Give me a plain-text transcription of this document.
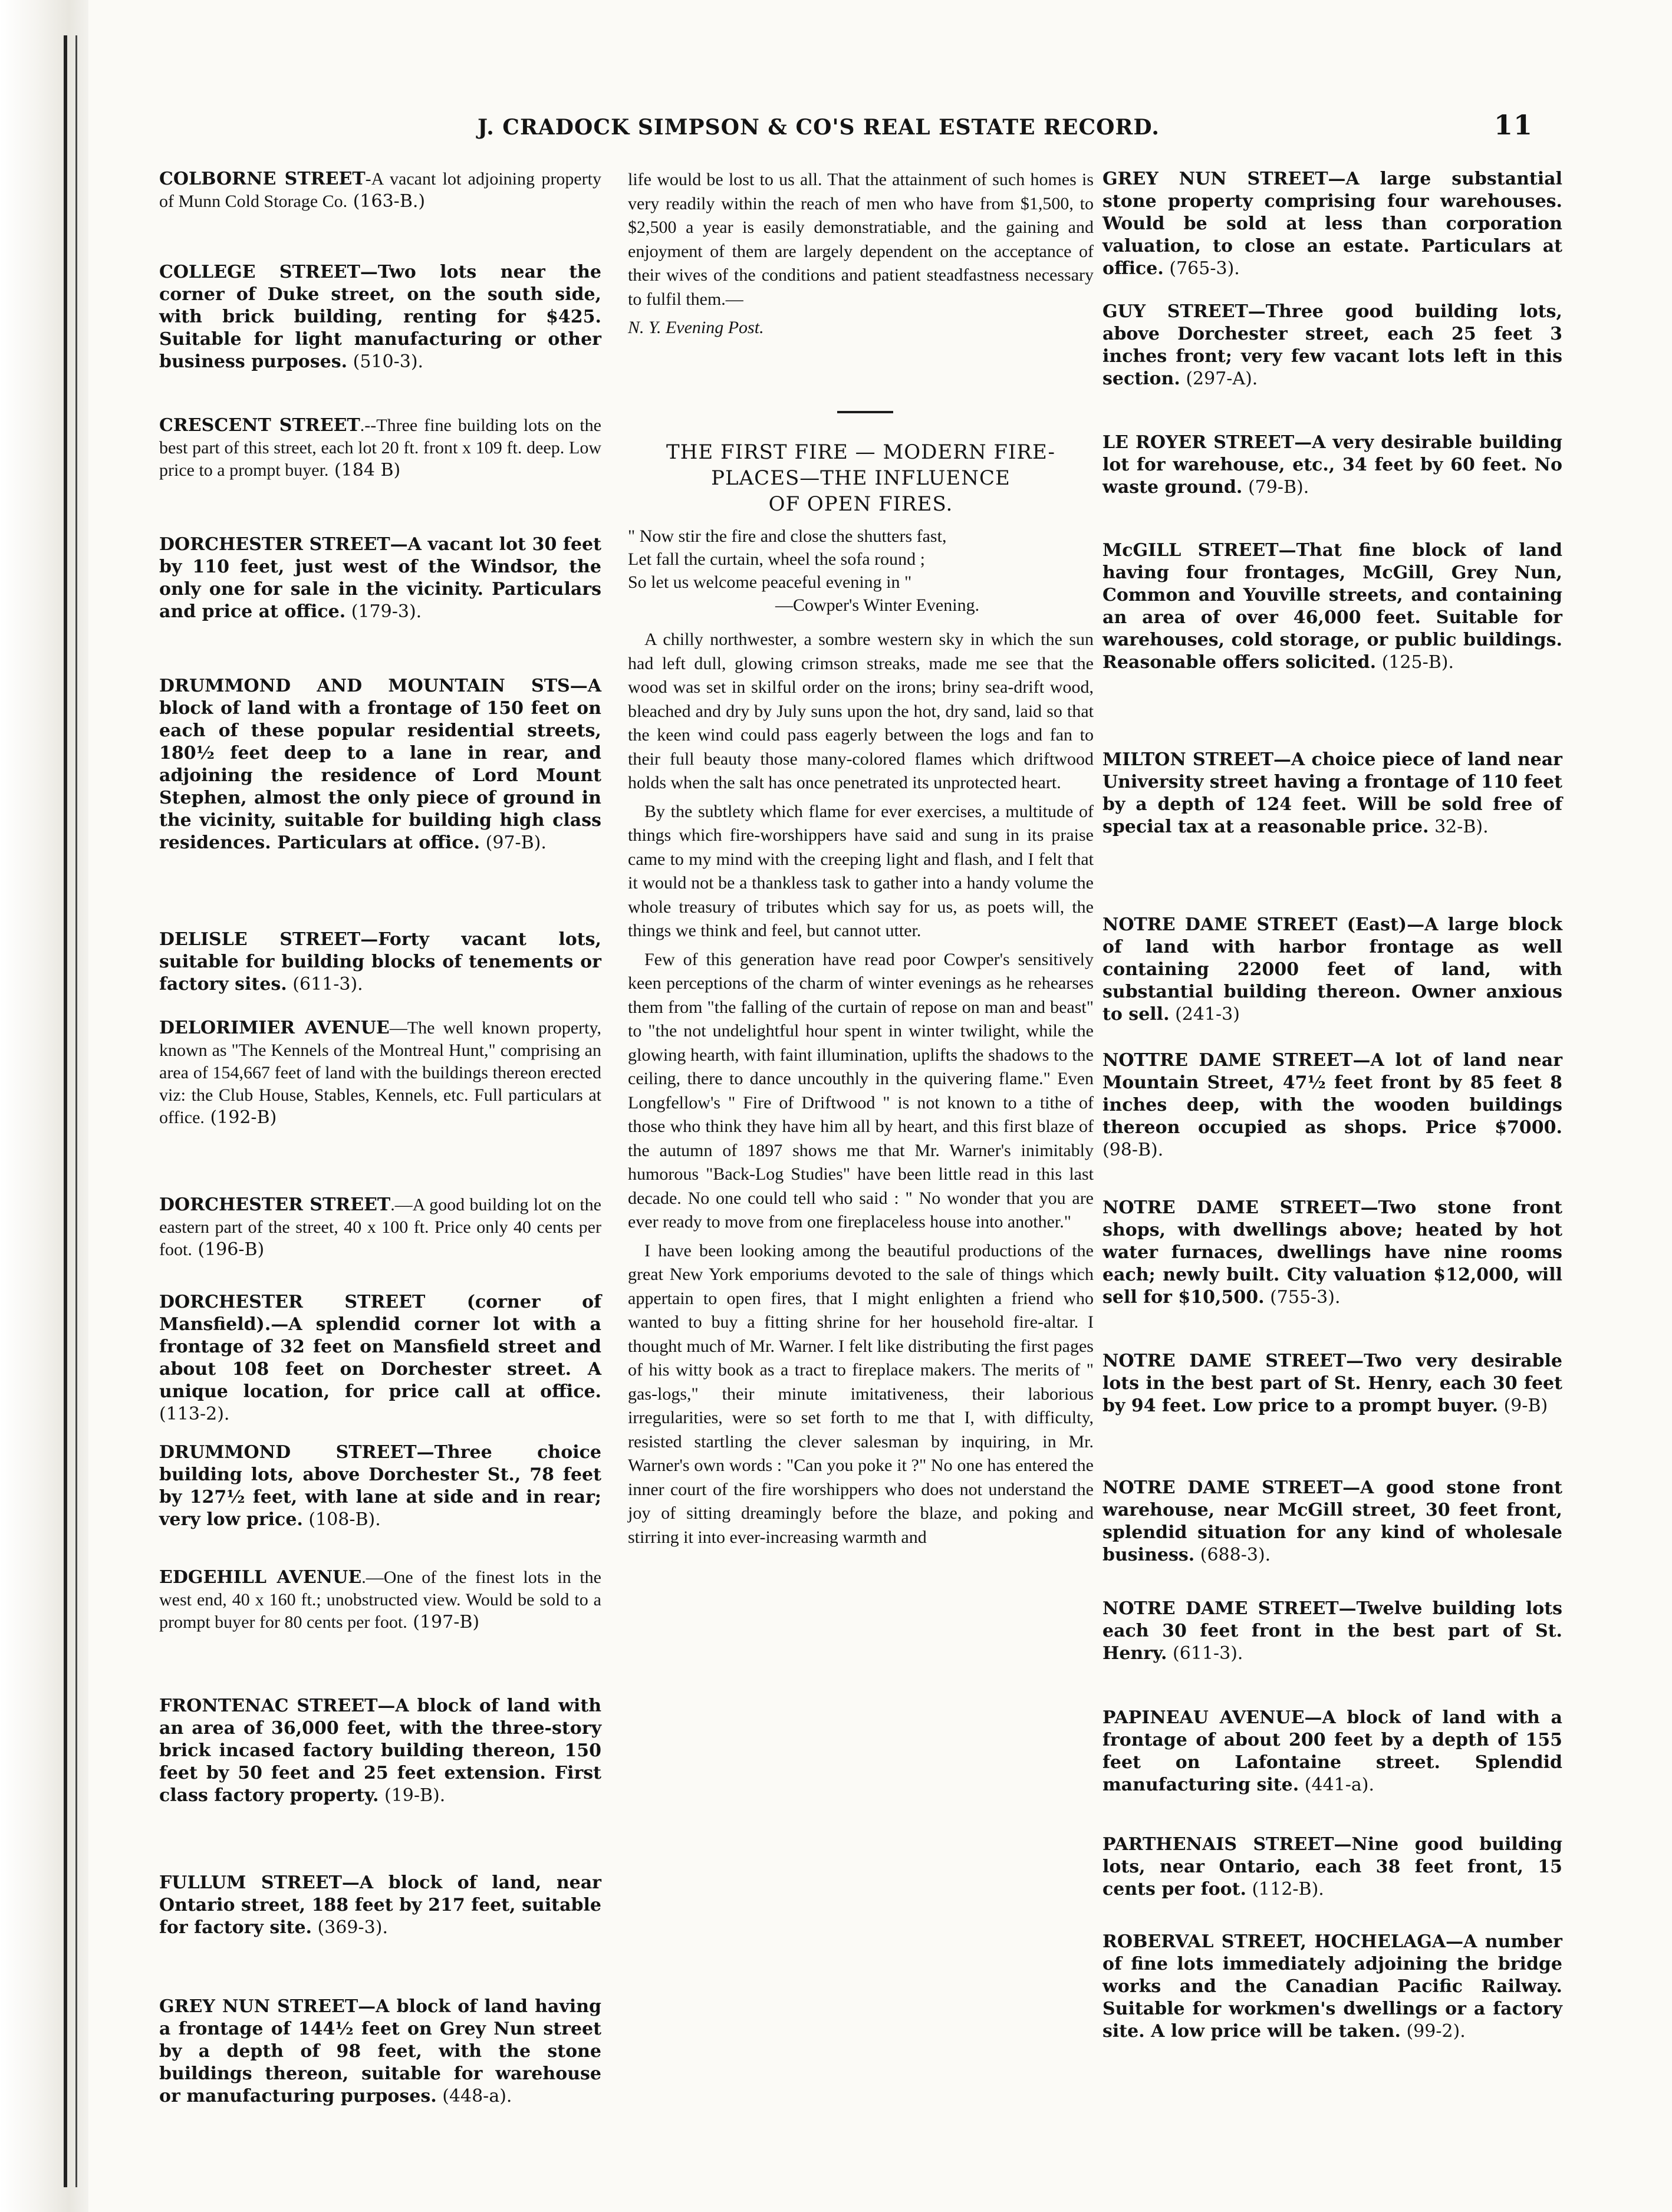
J. CRADOCK SIMPSON & CO'S REAL ESTATE RECORD.	11
COLBORNE STREET-A vacant lot adjoining property of Munn Cold Storage Co. (163-B.)
COLLEGE STREET—Two lots near the corner of Duke street, on the south side, with brick building, renting for $425. Suitable for light manufacturing or other business purposes. (510-3).
CRESCENT STREET.--Three fine building lots on the best part of this street, each lot 20 ft. front x 109 ft. deep. Low price to a prompt buyer. (184 B)
DORCHESTER STREET—A vacant lot 30 feet by 110 feet, just west of the Windsor, the only one for sale in the vicinity. Particulars and price at office. (179-3).
DRUMMOND AND MOUNTAIN STS—A block of land with a frontage of 150 feet on each of these popular residential streets, 180½ feet deep to a lane in rear, and adjoining the residence of Lord Mount Stephen, almost the only piece of ground in the vicinity, suitable for building high class residences. Particulars at office. (97-B).
DELISLE STREET—Forty vacant lots, suitable for building blocks of tenements or factory sites. (611-3).
DELORIMIER AVENUE—The well known property, known as "The Kennels of the Montreal Hunt," comprising an area of 154,667 feet of land with the buildings thereon erected viz: the Club House, Stables, Kennels, etc. Full particulars at office. (192-B)
DORCHESTER STREET.—A good building lot on the eastern part of the street, 40 x 100 ft. Price only 40 cents per foot. (196-B)
DORCHESTER STREET (corner of Mansfield).—A splendid corner lot with a frontage of 32 feet on Mansfield street and about 108 feet on Dorchester street. A unique location, for price call at office. (113-2).
DRUMMOND STREET—Three choice building lots, above Dorchester St., 78 feet by 127½ feet, with lane at side and in rear; very low price. (108-B).
EDGEHILL AVENUE.—One of the finest lots in the west end, 40 x 160 ft.; unobstructed view. Would be sold to a prompt buyer for 80 cents per foot. (197-B)
FRONTENAC STREET—A block of land with an area of 36,000 feet, with the three-story brick incased factory building thereon, 150 feet by 50 feet and 25 feet extension. First class factory property. (19-B).
FULLUM STREET—A block of land, near Ontario street, 188 feet by 217 feet, suitable for factory site. (369-3).
GREY NUN STREET—A block of land having a frontage of 144½ feet on Grey Nun street by a depth of 98 feet, with the stone buildings thereon, suitable for warehouse or manufacturing purposes. (448-a).

life would be lost to us all. That the attainment of such homes is very readily within the reach of men who have from $1,500, to $2,500 a year is easily demonstratiable, and the gaining and enjoyment of them are largely dependent on the acceptance of their wives of the conditions and patient steadfastness necessary to fulfil them.—

N. Y. Evening Post.

THE FIRST FIRE — MODERN FIRE-
PLACES—THE INFLUENCE
OF OPEN FIRES.
" Now stir the fire and close the shutters fast,
Let fall the curtain, wheel the sofa round ;
So let us welcome peaceful evening in "
—Cowper's Winter Evening.

A chilly northwester, a sombre western sky in which the sun had left dull, glowing crimson streaks, made me see that the wood was set in skilful order on the irons; briny sea-drift wood, bleached and dry by July suns upon the hot, dry sand, laid so that the keen wind could pass eagerly between the logs and fan to their full beauty those many-colored flames which driftwood holds when the salt has once penetrated its unprotected heart.

By the subtlety which flame for ever exercises, a multitude of things which fire-worshippers have said and sung in its praise came to my mind with the creeping light and flash, and I felt that it would not be a thankless task to gather into a handy volume the whole treasury of tributes which say for us, as poets will, the things we think and feel, but cannot utter.

Few of this generation have read poor Cowper's sensitively keen perceptions of the charm of winter evenings as he rehearses them from "the falling of the curtain of repose on man and beast" to "the not undelightful hour spent in winter twilight, while the glowing hearth, with faint illumination, uplifts the shadows to the ceiling, there to dance uncouthly in the quivering flame." Even Longfellow's " Fire of Driftwood " is not known to a tithe of those who think they have him all by heart, and this first blaze of the autumn of 1897 shows me that Mr. Warner's inimitably humorous "Back-Log Studies" have been little read in this last decade. No one could tell who said : " No wonder that you are ever ready to move from one fireplaceless house into another."

I have been looking among the beautiful productions of the great New York emporiums devoted to the sale of things which appertain to open fires, that I might enlighten a friend who wanted to buy a fitting shrine for her household fire-altar. I thought much of Mr. Warner. I felt like distributing the first pages of his witty book as a tract to fireplace makers. The merits of " gas-logs," their minute imitativeness, their laborious irregularities, were so set forth to me that I, with difficulty, resisted startling the clever salesman by inquiring, in Mr. Warner's own words : "Can you poke it ?" No one has entered the inner court of the fire worshippers who does not understand the joy of sitting dreamingly before the blaze, and poking and stirring it into ever-increasing warmth and

GREY NUN STREET—A large substantial stone property comprising four warehouses. Would be sold at less than corporation valuation, to close an estate. Particulars at office. (765-3).
GUY STREET—Three good building lots, above Dorchester street, each 25 feet 3 inches front; very few vacant lots left in this section. (297-A).
LE ROYER STREET—A very desirable building lot for warehouse, etc., 34 feet by 60 feet. No waste ground. (79-B).
McGILL STREET—That fine block of land having four frontages, McGill, Grey Nun, Common and Youville streets, and containing an area of over 46,000 feet. Suitable for warehouses, cold storage, or public buildings. Reasonable offers solicited. (125-B).
MILTON STREET—A choice piece of land near University street having a frontage of 110 feet by a depth of 124 feet. Will be sold free of special tax at a reasonable price. 32-B).
NOTRE DAME STREET (East)—A large block of land with harbor frontage as well containing 22000 feet of land, with substantial building thereon. Owner anxious to sell. (241-3)
NOTTRE DAME STREET—A lot of land near Mountain Street, 47½ feet front by 85 feet 8 inches deep, with the wooden buildings thereon occupied as shops. Price $7000. (98-B).
NOTRE DAME STREET—Two stone front shops, with dwellings above; heated by hot water furnaces, dwellings have nine rooms each; newly built. City valuation $12,000, will sell for $10,500. (755-3).
NOTRE DAME STREET—Two very desirable lots in the best part of St. Henry, each 30 feet by 94 feet. Low price to a prompt buyer. (9-B)
NOTRE DAME STREET—A good stone front warehouse, near McGill street, 30 feet front, splendid situation for any kind of wholesale business. (688-3).
NOTRE DAME STREET—Twelve building lots each 30 feet front in the best part of St. Henry. (611-3).
PAPINEAU AVENUE—A block of land with a frontage of about 200 feet by a depth of 155 feet on Lafontaine street. Splendid manufacturing site. (441-a).
PARTHENAIS STREET—Nine good building lots, near Ontario, each 38 feet front, 15 cents per foot. (112-B).
ROBERVAL STREET, HOCHELAGA—A number of fine lots immediately adjoining the bridge works and the Canadian Pacific Railway. Suitable for workmen's dwellings or a factory site. A low price will be taken. (99-2).
